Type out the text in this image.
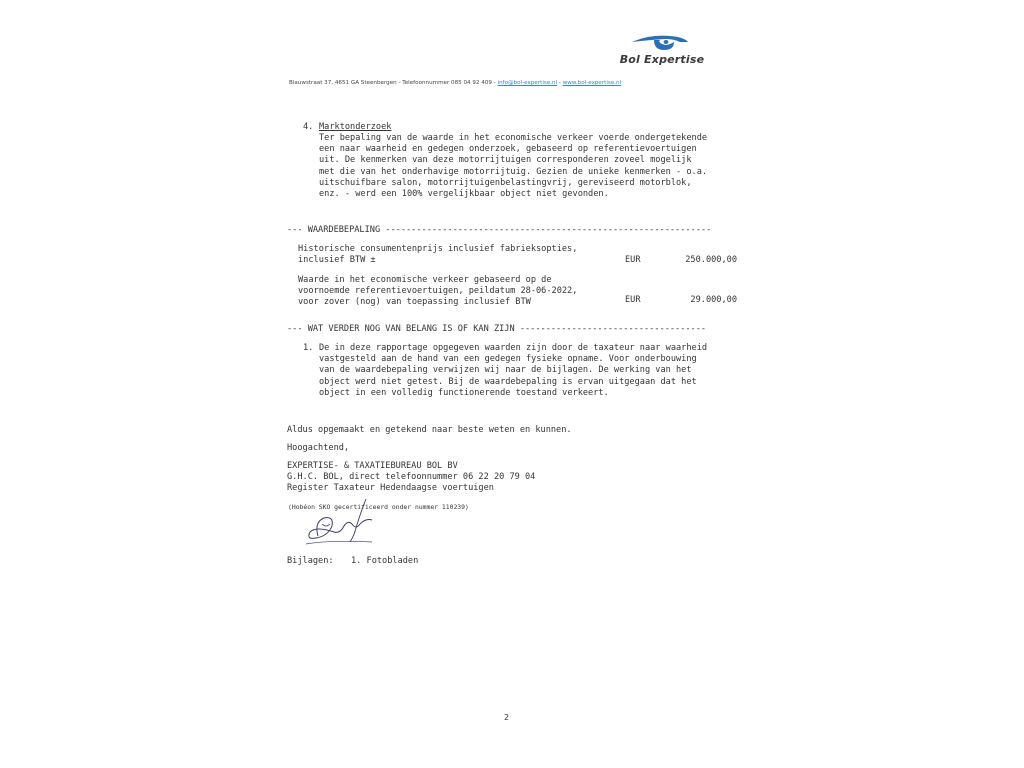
Bol Expertise
Blauwstraat 37, 4651 GA Steenbergen - Telefoonnummer 085 04 92 409 - info@bol-expertise.nl - www.bol-expertise.nl
4. Marktonderzoek
Ter bepaling van de waarde in het economische verkeer voerde ondergetekende
een naar waarheid en gedegen onderzoek, gebaseerd op referentievoertuigen
uit. De kenmerken van deze motorrijtuigen corresponderen zoveel mogelijk
met die van het onderhavige motorrijtuig. Gezien de unieke kenmerken - o.a.
uitschuifbare salon, motorrijtuigenbelastingvrij, gereviseerd motorblok,
enz. - werd een 100% vergelijkbaar object niet gevonden.
--- WAARDEBEPALING ---------------------------------------------------------------
Historische consumentenprijs inclusief fabrieksopties,
inclusief BTW ±	EUR	250.000,00
Waarde in het economische verkeer gebaseerd op de
voornoemde referentievoertuigen, peildatum 28-06-2022,
voor zover (nog) van toepassing inclusief BTW	EUR	29.000,00
--- WAT VERDER NOG VAN BELANG IS OF KAN ZIJN ------------------------------------
1. De in deze rapportage opgegeven waarden zijn door de taxateur naar waarheid
vastgesteld aan de hand van een gedegen fysieke opname. Voor onderbouwing
van de waardebepaling verwijzen wij naar de bijlagen. De werking van het
object werd niet getest. Bij de waardebepaling is ervan uitgegaan dat het
object in een volledig functionerende toestand verkeert.
Aldus opgemaakt en getekend naar beste weten en kunnen.
Hoogachtend,
EXPERTISE- & TAXATIEBUREAU BOL BV
G.H.C. BOL, direct telefoonnummer 06 22 20 79 04
Register Taxateur Hedendaagse voertuigen
(Hobéon SKO gecertificeerd onder nummer 110239)
Bijlagen: 1. Fotobladen
2
